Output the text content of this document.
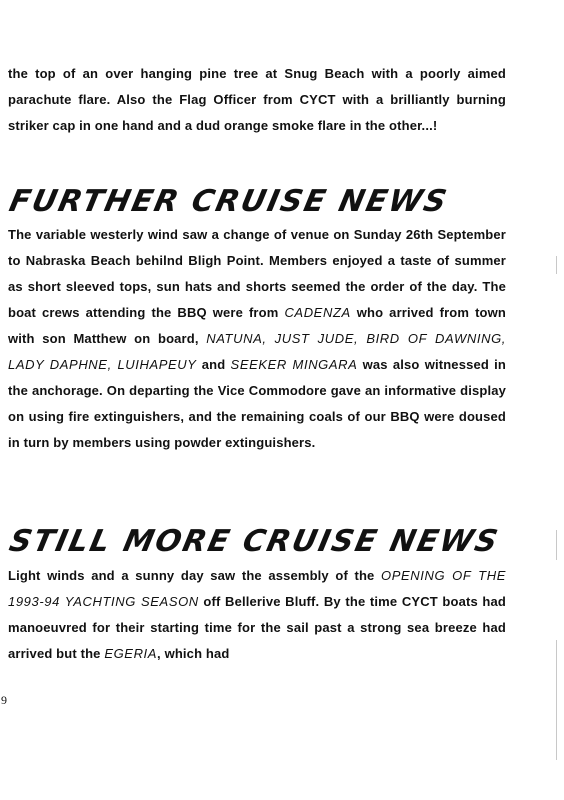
the top of an over hanging pine tree at Snug Beach with a poorly aimed parachute flare. Also the Flag Officer from CYCT with a brilliantly burning striker cap in one hand and a dud orange smoke flare in the other...!

FURTHER CRUISE NEWS

The variable westerly wind saw a change of venue on Sunday 26th September to Nabraska Beach behilnd Bligh Point. Members enjoyed a taste of summer as short sleeved tops, sun hats and shorts seemed the order of the day. The boat crews attending the BBQ were from CADENZA who arrived from town with son Matthew on board, NATUNA, JUST JUDE, BIRD OF DAWNING, LADY DAPHNE, LUIHAPEUY and SEEKER MINGARA was also witnessed in the anchorage. On departing the Vice Commodore gave an informative display on using fire extinguishers, and the remaining coals of our BBQ were doused in turn by members using powder extinguishers.

STILL MORE CRUISE NEWS

Light winds and a sunny day saw the assembly of the OPENING OF THE 1993-94 YACHTING SEASON off Bellerive Bluff. By the time CYCT boats had manoeuvred for their starting time for the sail past a strong sea breeze had arrived but the EGERIA, which had

9
